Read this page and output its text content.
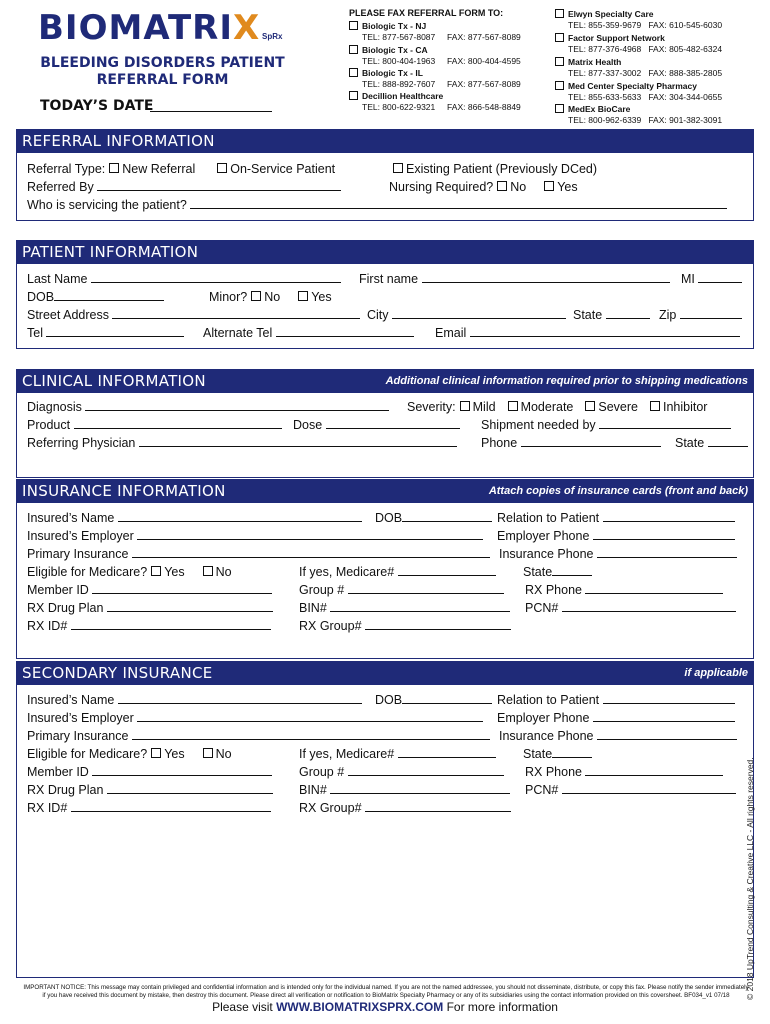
BIOMATRIX SpRx
BLEEDING DISORDERS PATIENT
REFERRAL FORM
TODAY’S DATE
PLEASE FAX REFERRAL FORM TO:
Biologic Tx - NJ
TEL: 877-567-8087     FAX: 877-567-8089
Biologic Tx - CA
TEL: 800-404-1963     FAX: 800-404-4595
Biologic Tx - IL
TEL: 888-892-7607     FAX: 877-567-8089
Decillion Healthcare
TEL: 800-622-9321     FAX: 866-548-8849
Elwyn Specialty Care
TEL: 855-359-9679   FAX: 610-545-6030
Factor Support Network
TEL: 877-376-4968   FAX: 805-482-6324
Matrix Health
TEL: 877-337-3002   FAX: 888-385-2805
Med Center Specialty Pharmacy
TEL: 855-633-5633   FAX: 304-344-0655
MedEx BioCare
TEL: 800-962-6339   FAX: 901-382-3091
REFERRAL INFORMATION
Referral Type: New Referral	On-Service Patient	Existing Patient (Previously DCed)
Referred By	Nursing Required? No Yes
Who is servicing the patient?
PATIENT INFORMATION
Last Name	First name	MI
DOB	Minor? No Yes
Street Address	City	State	Zip
Tel	Alternate Tel	Email
CLINICAL INFORMATION	Additional clinical information required prior to shipping medications
Diagnosis	Severity: Mild Moderate Severe Inhibitor
Product	Dose	Shipment needed by
Referring Physician	Phone	State
INSURANCE INFORMATION	Attach copies of insurance cards (front and back)
Insured’s Name	DOB	Relation to Patient
Insured’s Employer	Employer Phone
Primary Insurance	Insurance Phone
Eligible for Medicare? Yes No	If yes, Medicare#	State
Member ID	Group #	RX Phone
RX Drug Plan	BIN#	PCN#
RX ID#	RX Group#
SECONDARY INSURANCE	if applicable
Insured’s Name	DOB	Relation to Patient
Insured’s Employer	Employer Phone
Primary Insurance	Insurance Phone
Eligible for Medicare? Yes No	If yes, Medicare#	State
Member ID	Group #	RX Phone
RX Drug Plan	BIN#	PCN#
RX ID#	RX Group#	© 2018 UpTrend Consulting & Creative LLC - All rights reserved.
IMPORTANT NOTICE: This message may contain privileged and confidential information and is intended only for the individual named. If you are not the named addressee, you should not disseminate, distribute, or copy this fax. Please notify the sender immediately
if you have received this document by mistake, then destroy this document. Please direct all verification or notification to BioMatrix Specialty Pharmacy or any of its subsidiaries using the contact information provided on this coversheet. BF034_v1 07/18
Please visit WWW.BIOMATRIXSPRX.COM For more information
